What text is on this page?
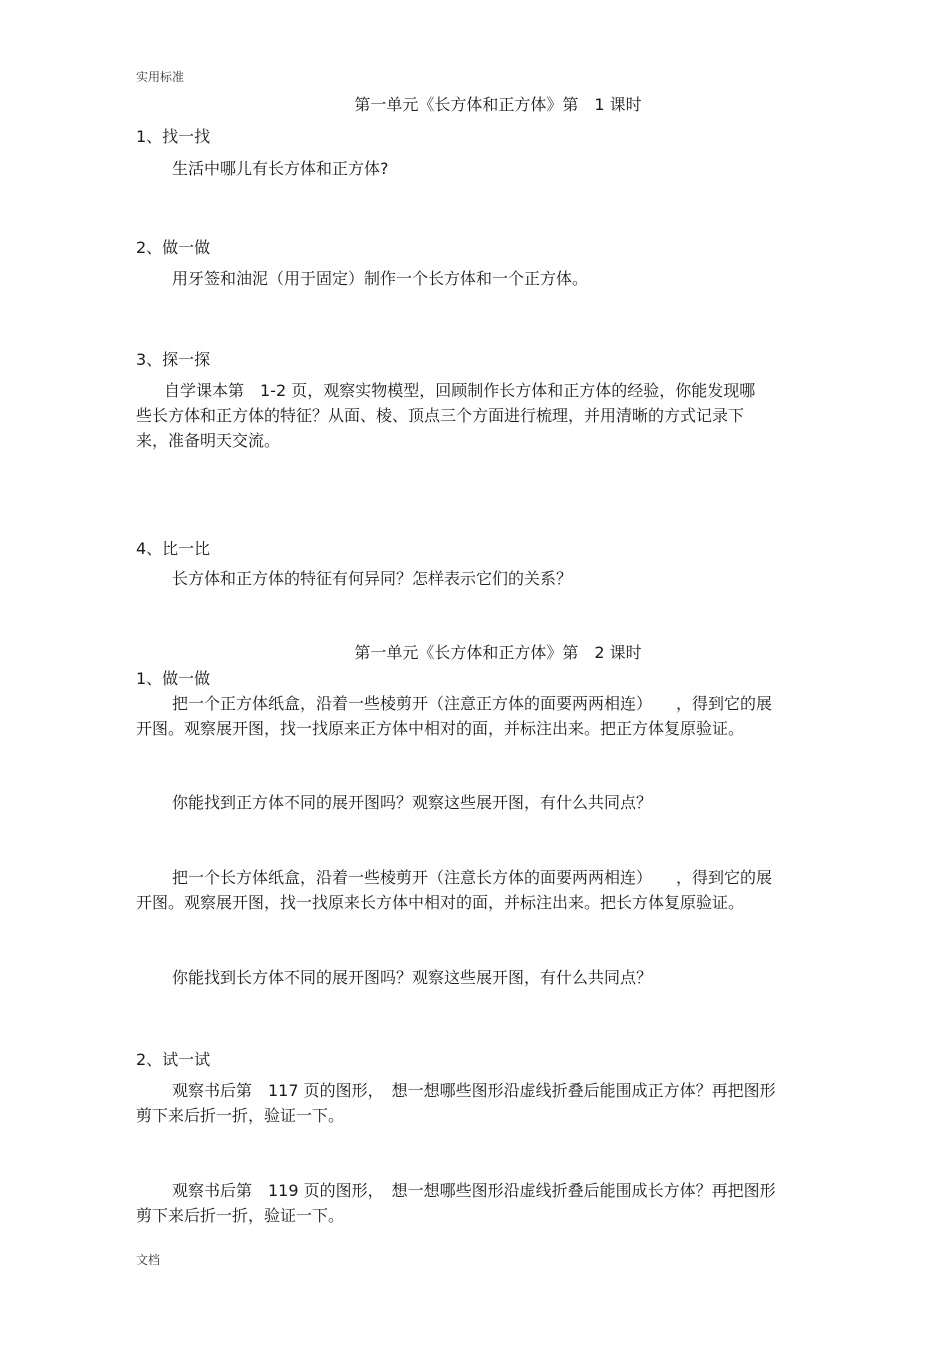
实用标准
第一单元《长方体和正方体》第　1 课时
1、找一找
生活中哪儿有长方体和正方体?
2、做一做
用牙签和油泥（用于固定）制作一个长方体和一个正方体。
3、探一探
自学课本第　1-2 页，观察实物模型，回顾制作长方体和正方体的经验，你能发现哪
些长方体和正方体的特征？从面、棱、顶点三个方面进行梳理，并用清晰的方式记录下
来，准备明天交流。
4、比一比
长方体和正方体的特征有何异同？怎样表示它们的关系？
第一单元《长方体和正方体》第　2 课时
1、做一做
把一个正方体纸盒，沿着一些棱剪开（注意正方体的面要两两相连）　　，得到它的展
开图。观察展开图，找一找原来正方体中相对的面，并标注出来。把正方体复原验证。
你能找到正方体不同的展开图吗？观察这些展开图，有什么共同点？
把一个长方体纸盒，沿着一些棱剪开（注意长方体的面要两两相连）　　，得到它的展
开图。观察展开图，找一找原来长方体中相对的面，并标注出来。把长方体复原验证。
你能找到长方体不同的展开图吗？观察这些展开图，有什么共同点？
2、试一试
观察书后第　117 页的图形，　想一想哪些图形沿虚线折叠后能围成正方体？再把图形
剪下来后折一折，验证一下。
观察书后第　119 页的图形，　想一想哪些图形沿虚线折叠后能围成长方体？再把图形
剪下来后折一折，验证一下。
文档
